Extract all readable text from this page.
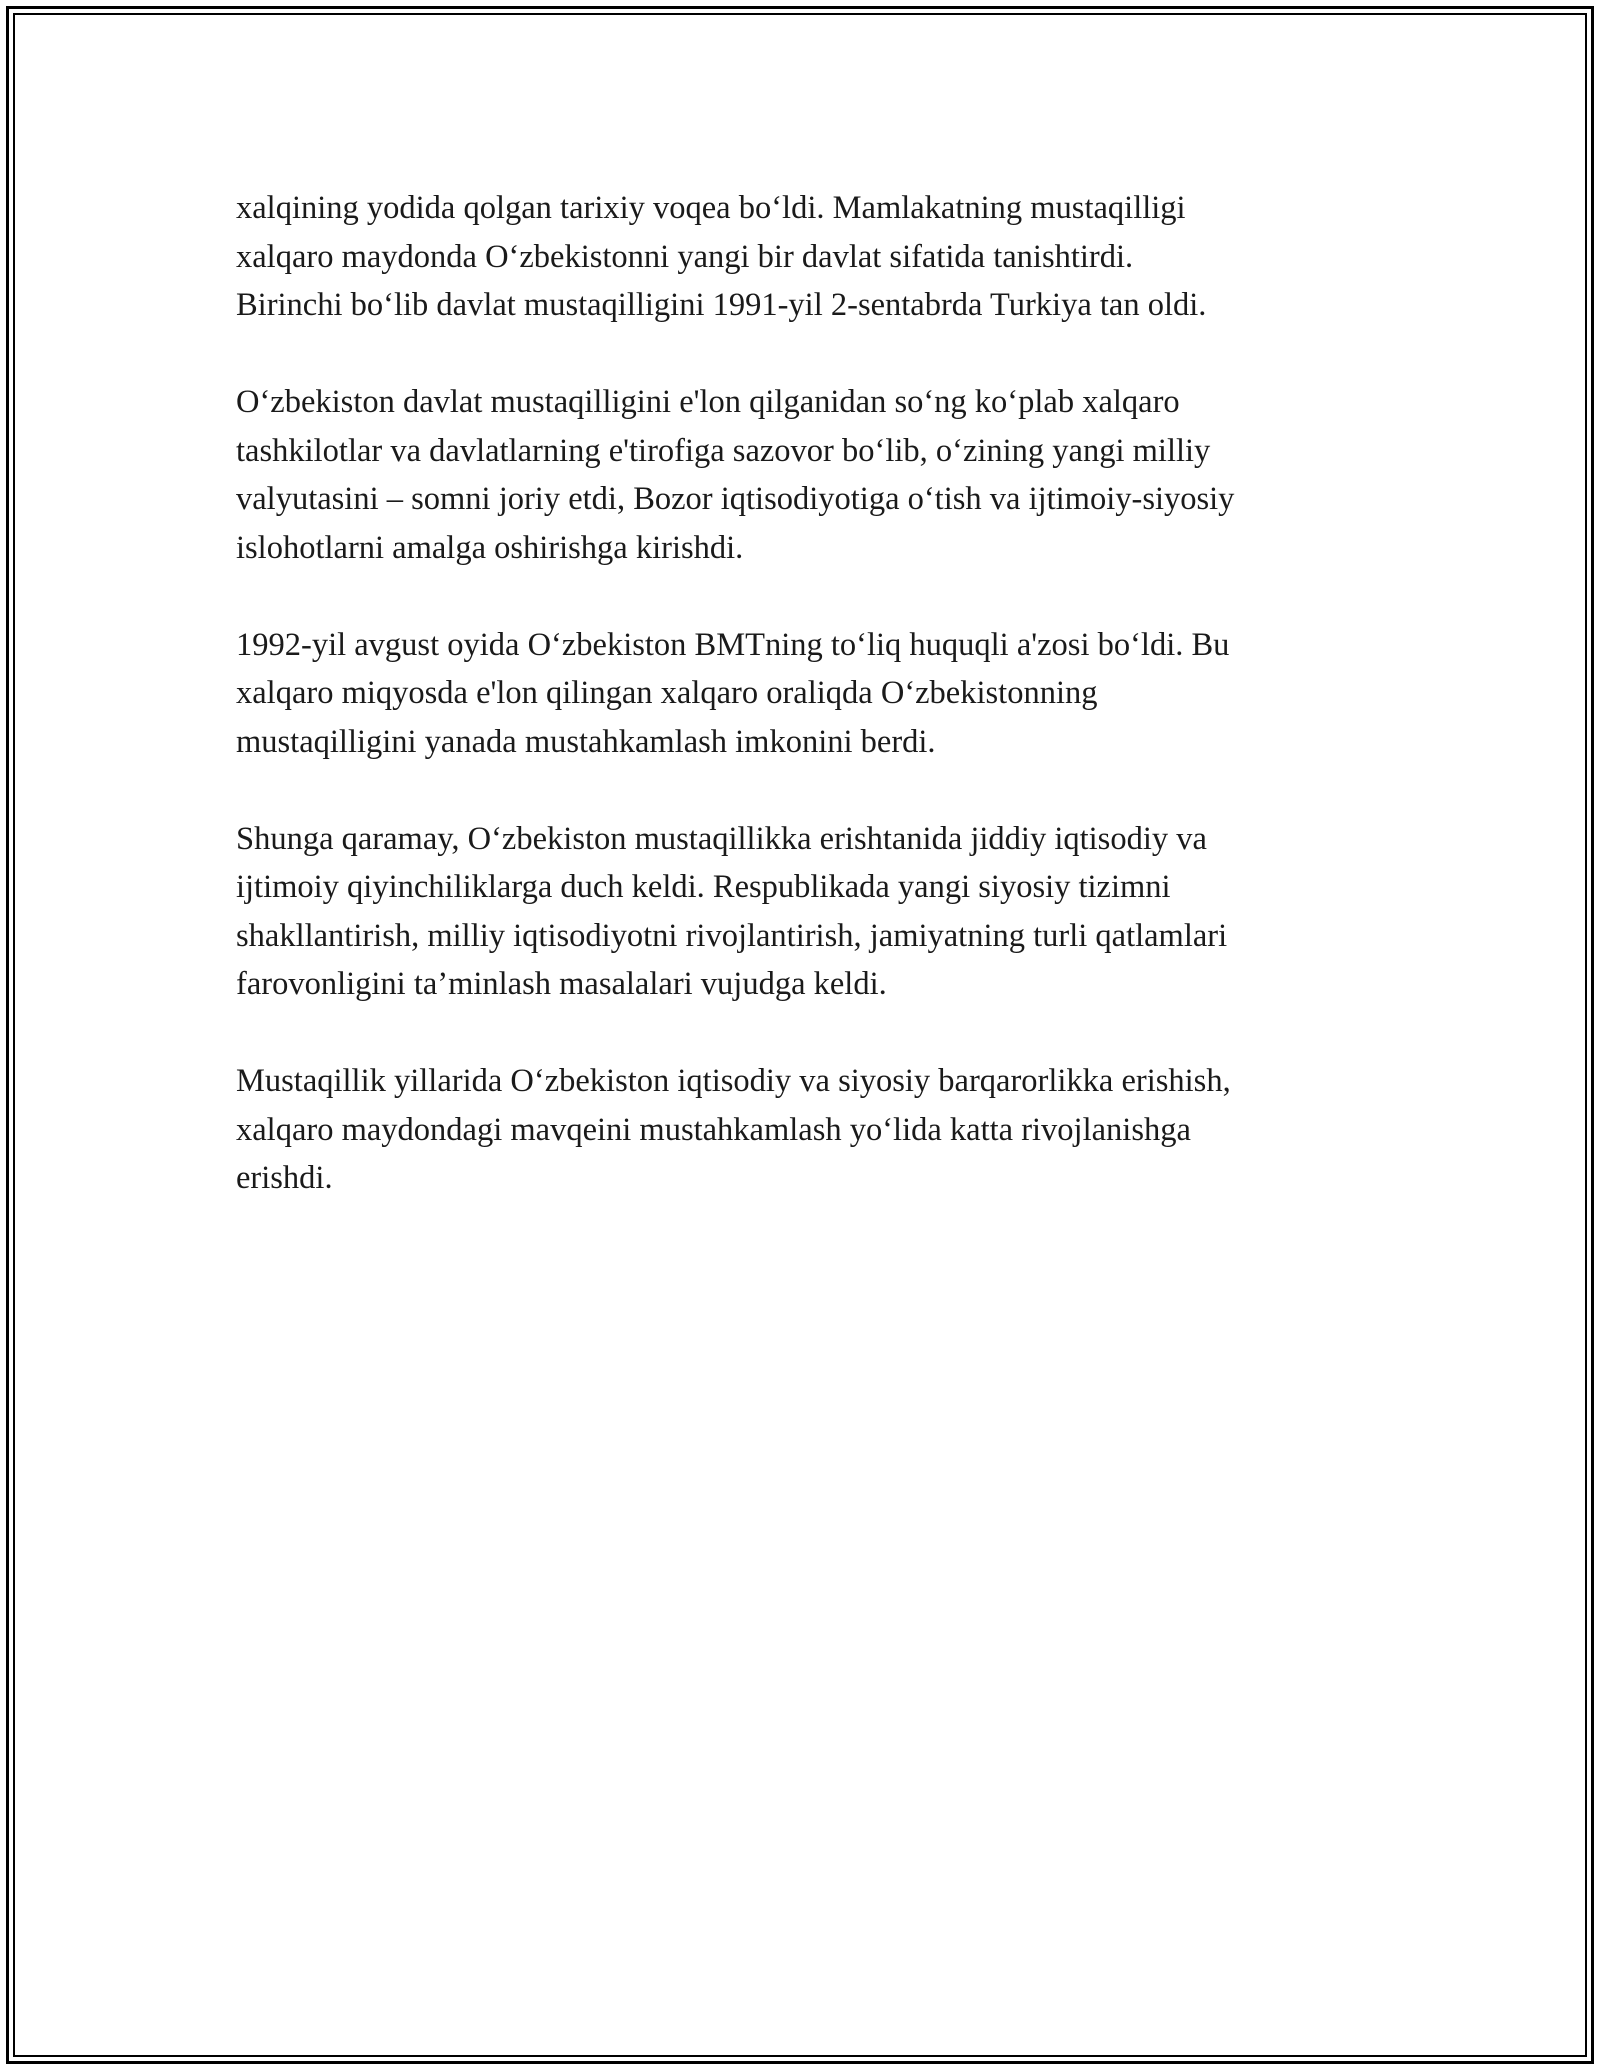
xalqining yodida qolgan tarixiy voqea bo‘ldi. Mamlakatning mustaqilligi
xalqaro maydonda O‘zbekistonni yangi bir davlat sifatida tanishtirdi.
Birinchi bo‘lib davlat mustaqilligini 1991-yil 2-sentabrda Turkiya tan oldi.

O‘zbekiston davlat mustaqilligini e'lon qilganidan so‘ng ko‘plab xalqaro
tashkilotlar va davlatlarning e'tirofiga sazovor bo‘lib, o‘zining yangi milliy
valyutasini – somni joriy etdi, Bozor iqtisodiyotiga o‘tish va ijtimoiy-siyosiy
islohotlarni amalga oshirishga kirishdi.

1992-yil avgust oyida O‘zbekiston BMTning to‘liq huquqli a'zosi bo‘ldi. Bu
xalqaro miqyosda e'lon qilingan xalqaro oraliqda O‘zbekistonning
mustaqilligini yanada mustahkamlash imkonini berdi.

Shunga qaramay, O‘zbekiston mustaqillikka erishtanida jiddiy iqtisodiy va
ijtimoiy qiyinchiliklarga duch keldi. Respublikada yangi siyosiy tizimni
shakllantirish, milliy iqtisodiyotni rivojlantirish, jamiyatning turli qatlamlari
farovonligini ta’minlash masalalari vujudga keldi.

Mustaqillik yillarida O‘zbekiston iqtisodiy va siyosiy barqarorlikka erishish,
xalqaro maydondagi mavqeini mustahkamlash yo‘lida katta rivojlanishga
erishdi.
